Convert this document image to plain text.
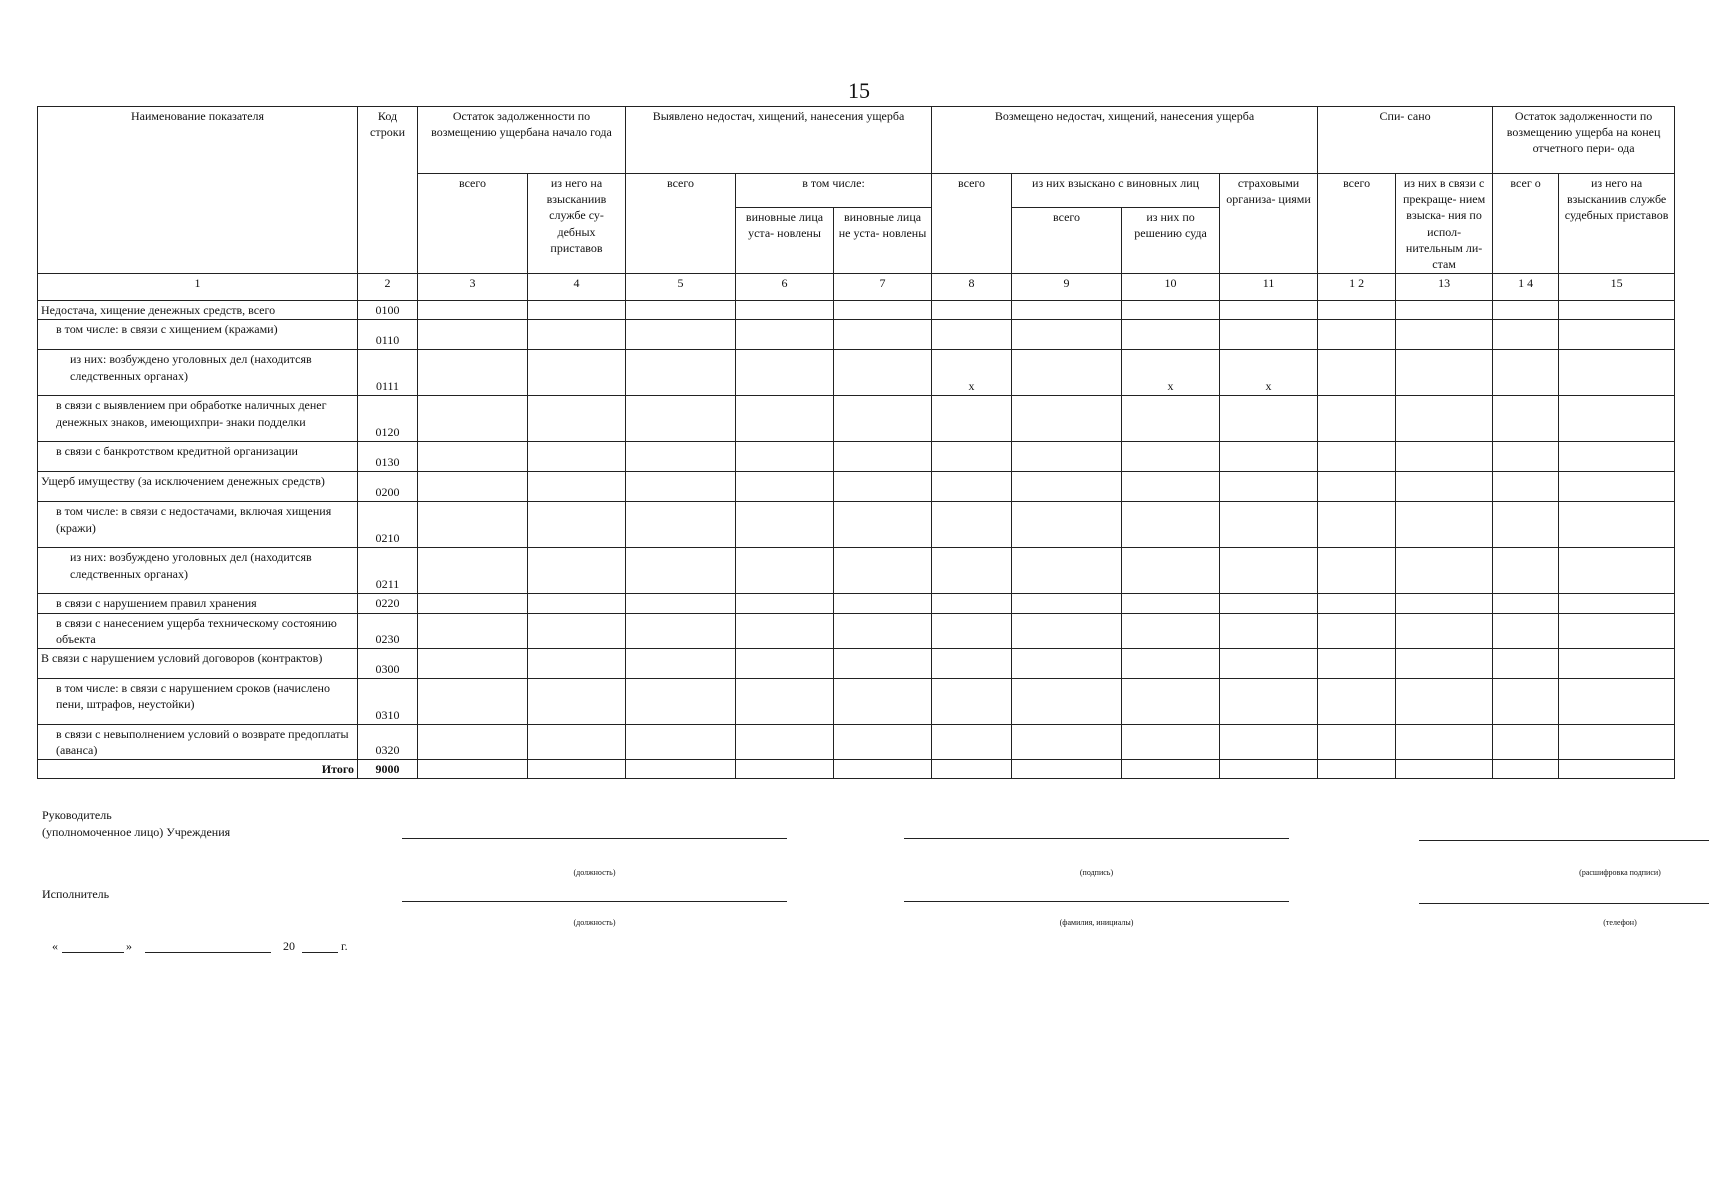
15
Наименование показателя	Код строки	Остаток задолженности по возмещению ущербана начало года		Выявлено недостач, хищений, нанесения ущерба			Возмещено недостач, хищений, нанесения ущерба				Спи- сано		Остаток задолженности по возмещению ущерба на конец отчетного пери- ода	
		всего	из него на взысканиив службе су- дебных приставов	всего	в том числе:		всего	из них взыскано с виновных лиц		страховыми организа- циями	всего	из них в связи с прекраще- нием взыска- ния по испол- нительным ли- стам	всег о	из него на взысканиив службе судебных приставов
					виновные лица уста- новлены	виновные лица не уста- новлены		всего	из них по решению суда					
1	2	3	4	5	6	7	8	9	10	11	1 2	13	1 4	15
Недостача, хищение денежных средств, всего	0100													
в том числе: в связи с хищением (кражами)	0110													
из них: возбуждено уголовных дел (находитсяв следственных органах)	0111						x		x	x				
в связи с выявлением при обработке наличных денег денежных знаков, имеющихпри- знаки подделки	0120													
в связи с банкротством кредитной организации	0130													
Ущерб имуществу (за исключением денежных средств)	0200													
в том числе: в связи с недостачами, включая хищения (кражи)	0210													
из них: возбуждено уголовных дел (находитсяв следственных органах)	0211													
в связи с нарушением правил хранения	0220													
в связи с нанесением ущерба техническому состоянию объекта	0230													
В связи с нарушением условий договоров (контрактов)	0300													
в том числе: в связи с нарушением сроков (начислено пени, штрафов, неустойки)	0310													
в связи с невыполнением условий о возврате предоплаты (аванса)	0320													
Итого	9000													
Руководитель
(уполномоченное лицо) Учреждения
(должность)	(подпись)	(расшифровка подписи)
Исполнитель
(должность)	(фамилия, инициалы)	(телефон)
«	»	20	г.
